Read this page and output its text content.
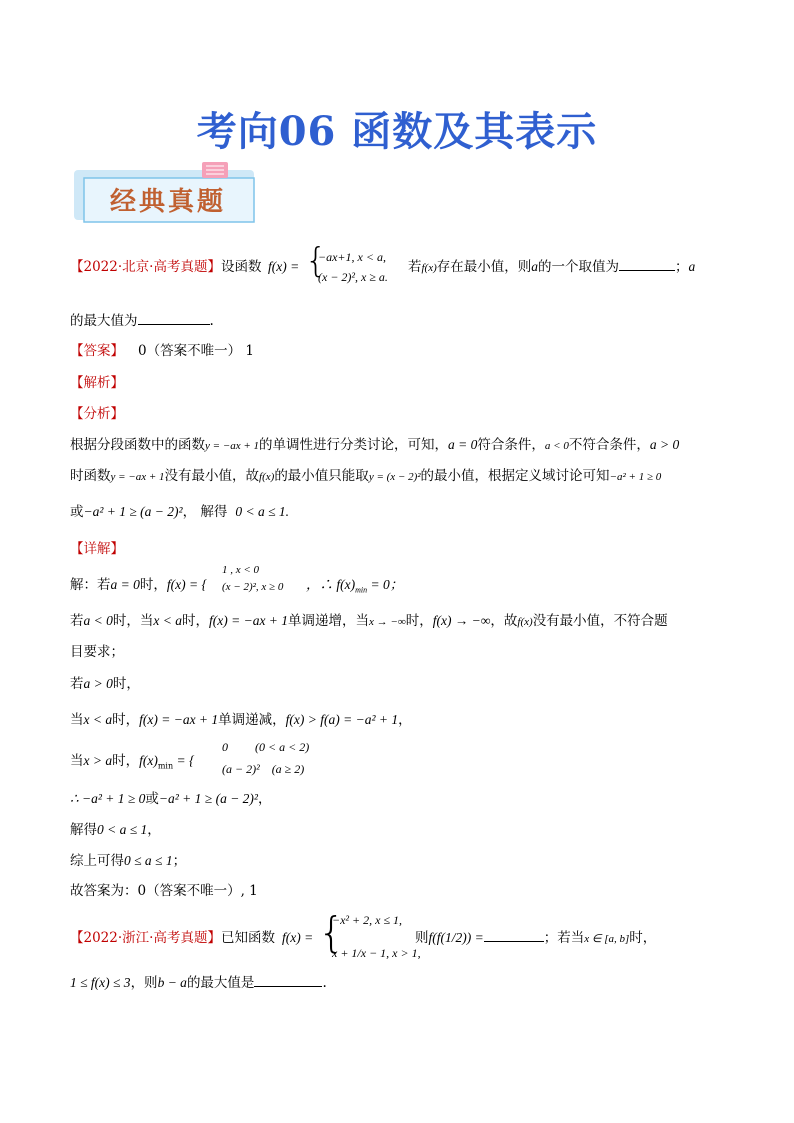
考向06 函数及其表示
经典真题
【2022·北京·高考真题】设函数 f(x) = {
−ax+1, x < a,
(x − 2)², x ≥ a.
若f(x)存在最小值，则a的一个取值为	；a
的最大值为	.
【答案】 0（答案不唯一） 1
【解析】
【分析】
根据分段函数中的函数y = −ax + 1的单调性进行分类讨论，可知，a = 0符合条件，a < 0不符合条件，a > 0
时函数y = −ax + 1没有最小值，故f(x)的最小值只能取y = (x − 2)²的最小值，根据定义域讨论可知−a² + 1 ≥ 0
或−a² + 1 ≥ (a − 2)²， 解得 0 < a ≤ 1.
【详解】
解：若a = 0时，f(x) = {
1 , x < 0
(x − 2)², x ≥ 0 ，∴ $f(x)_{min} = 0$；
若a < 0时，当x < a时，f(x) = −ax + 1单调递增，当x → −∞时，f(x) → −∞，故f(x)没有最小值，不符合题
目要求；
若a > 0时，
当x < a时，f(x) = −ax + 1单调递减，f(x) > f(a) = −a² + 1，
当x > a时，$f(x)_{min}$ = {
0         (0 < a < 2)
(a − 2)²    (a ≥ 2)
∴ −a² + 1 ≥ 0或−a² + 1 ≥ (a − 2)²，
解得0 < a ≤ 1，
综上可得0 ≤ a ≤ 1；
故答案为：0（答案不唯一）, 1
【2022·浙江·高考真题】已知函数 f(x) = {
−x² + 2, x ≤ 1,
x + 1/x − 1, x > 1,
则f(f(1/2)) =	；若当x ∈ [a, b]时，
1 ≤ f(x) ≤ 3，则b − a的最大值是	.
